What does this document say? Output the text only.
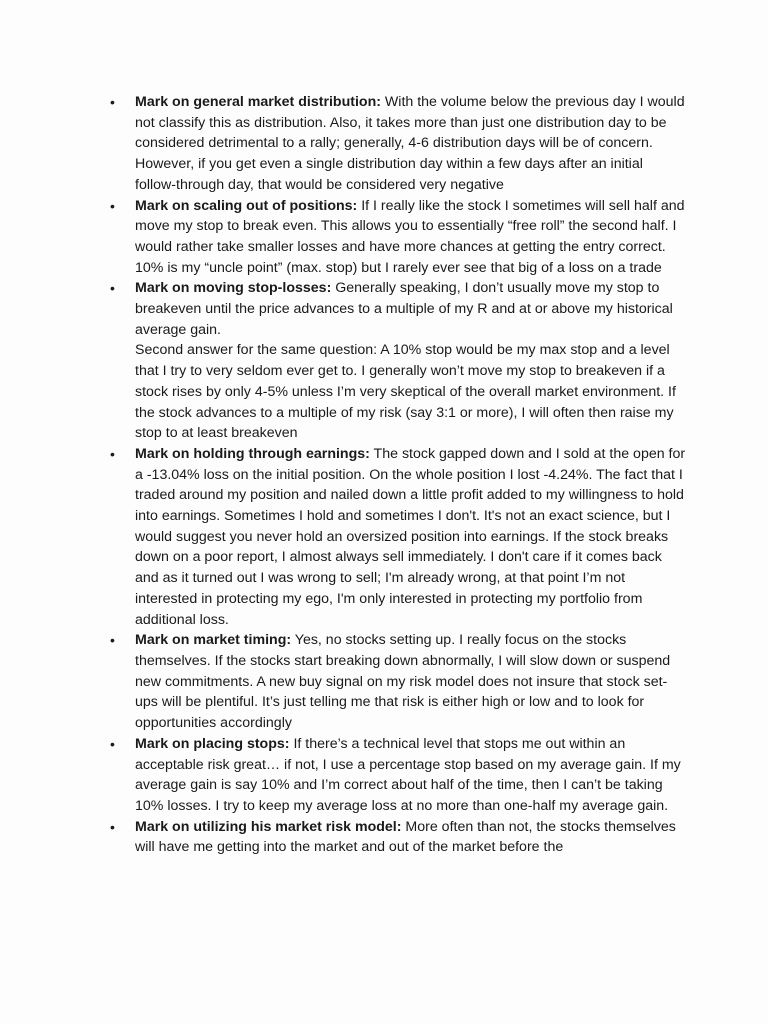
• Mark on general market distribution: With the volume below the previous day I would not classify this as distribution. Also, it takes more than just one distribution day to be considered detrimental to a rally; generally, 4-6 distribution days will be of concern. However, if you get even a single distribution day within a few days after an initial follow-through day, that would be considered very negative
• Mark on scaling out of positions: If I really like the stock I sometimes will sell half and move my stop to break even. This allows you to essentially “free roll” the second half. I would rather take smaller losses and have more chances at getting the entry correct. 10% is my “uncle point” (max. stop) but I rarely ever see that big of a loss on a trade
• Mark on moving stop-losses: Generally speaking, I don’t usually move my stop to breakeven until the price advances to a multiple of my R and at or above my historical average gain.
Second answer for the same question: A 10% stop would be my max stop and a level that I try to very seldom ever get to. I generally won’t move my stop to breakeven if a stock rises by only 4-5% unless I’m very skeptical of the overall market environment. If the stock advances to a multiple of my risk (say 3:1 or more), I will often then raise my stop to at least breakeven
• Mark on holding through earnings: The stock gapped down and I sold at the open for a -13.04% loss on the initial position. On the whole position I lost -4.24%. The fact that I traded around my position and nailed down a little profit added to my willingness to hold into earnings. Sometimes I hold and sometimes I don't. It's not an exact science, but I would suggest you never hold an oversized position into earnings. If the stock breaks down on a poor report, I almost always sell immediately. I don't care if it comes back and as it turned out I was wrong to sell; I'm already wrong, at that point I’m not interested in protecting my ego, I'm only interested in protecting my portfolio from additional loss.
• Mark on market timing: Yes, no stocks setting up. I really focus on the stocks themselves. If the stocks start breaking down abnormally, I will slow down or suspend new commitments. A new buy signal on my risk model does not insure that stock set-ups will be plentiful. It’s just telling me that risk is either high or low and to look for opportunities accordingly
• Mark on placing stops: If there’s a technical level that stops me out within an acceptable risk great… if not, I use a percentage stop based on my average gain. If my average gain is say 10% and I’m correct about half of the time, then I can’t be taking 10% losses. I try to keep my average loss at no more than one-half my average gain.
• Mark on utilizing his market risk model: More often than not, the stocks themselves will have me getting into the market and out of the market before the
